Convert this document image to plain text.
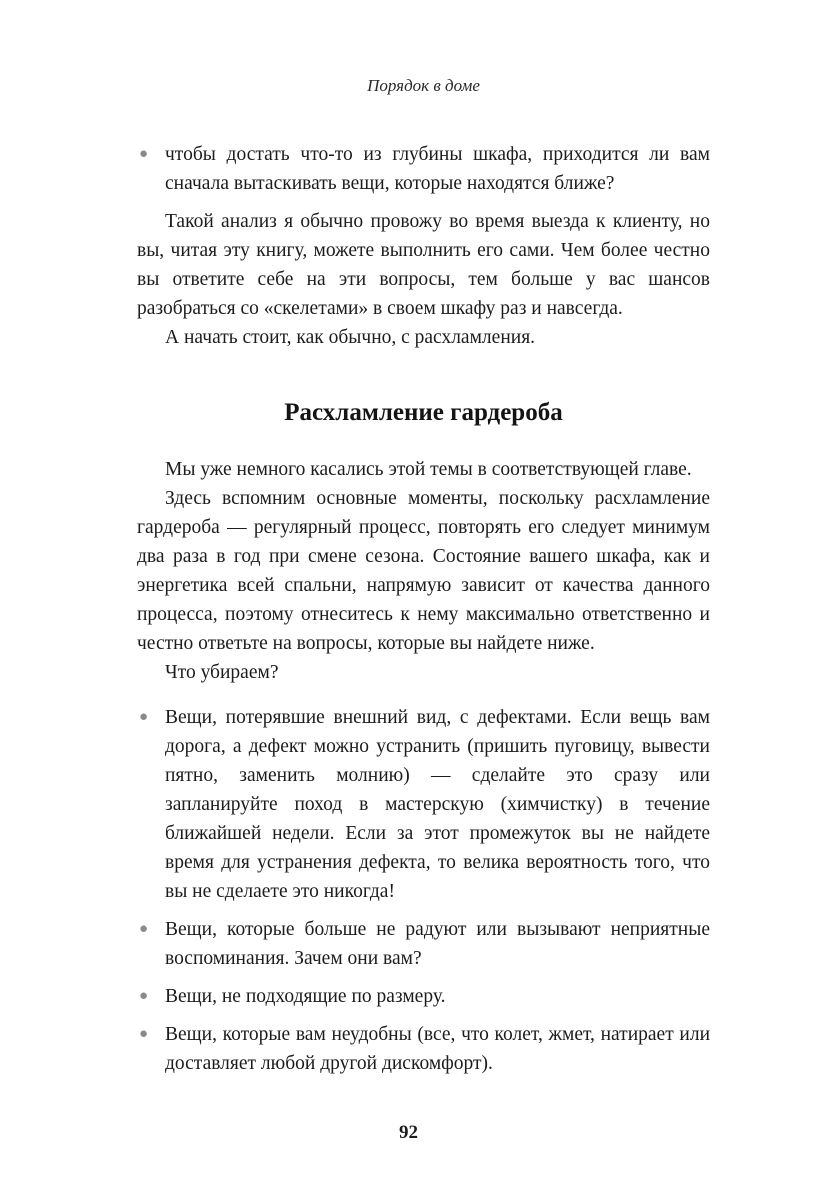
Порядок в доме
● чтобы достать что-то из глубины шкафа, приходится ли вам сначала вытаскивать вещи, которые находятся ближе?

Такой анализ я обычно провожу во время выезда к клиенту, но вы, читая эту книгу, можете выполнить его сами. Чем более честно вы ответите себе на эти вопросы, тем больше у вас шансов разобраться со «скелетами» в своем шкафу раз и навсегда.

А начать стоит, как обычно, с расхламления.

Расхламление гардероба

Мы уже немного касались этой темы в соответствующей главе.

Здесь вспомним основные моменты, поскольку расхламление гардероба — регулярный процесс, повторять его следует минимум два раза в год при смене сезона. Состояние вашего шкафа, как и энергетика всей спальни, напрямую зависит от качества данного процесса, поэтому отнеситесь к нему максимально ответственно и честно ответьте на вопросы, которые вы найдете ниже.

Что убираем?

● Вещи, потерявшие внешний вид, с дефектами. Если вещь вам дорога, а дефект можно устранить (пришить пуговицу, вывести пятно, заменить молнию) — сделайте это сразу или запланируйте поход в мастерскую (химчистку) в течение ближайшей недели. Если за этот промежуток вы не найдете время для устранения дефекта, то велика вероятность того, что вы не сделаете это никогда!
● Вещи, которые больше не радуют или вызывают неприятные воспоминания. Зачем они вам?
● Вещи, не подходящие по размеру.
● Вещи, которые вам неудобны (все, что колет, жмет, натирает или доставляет любой другой дискомфорт).
92
